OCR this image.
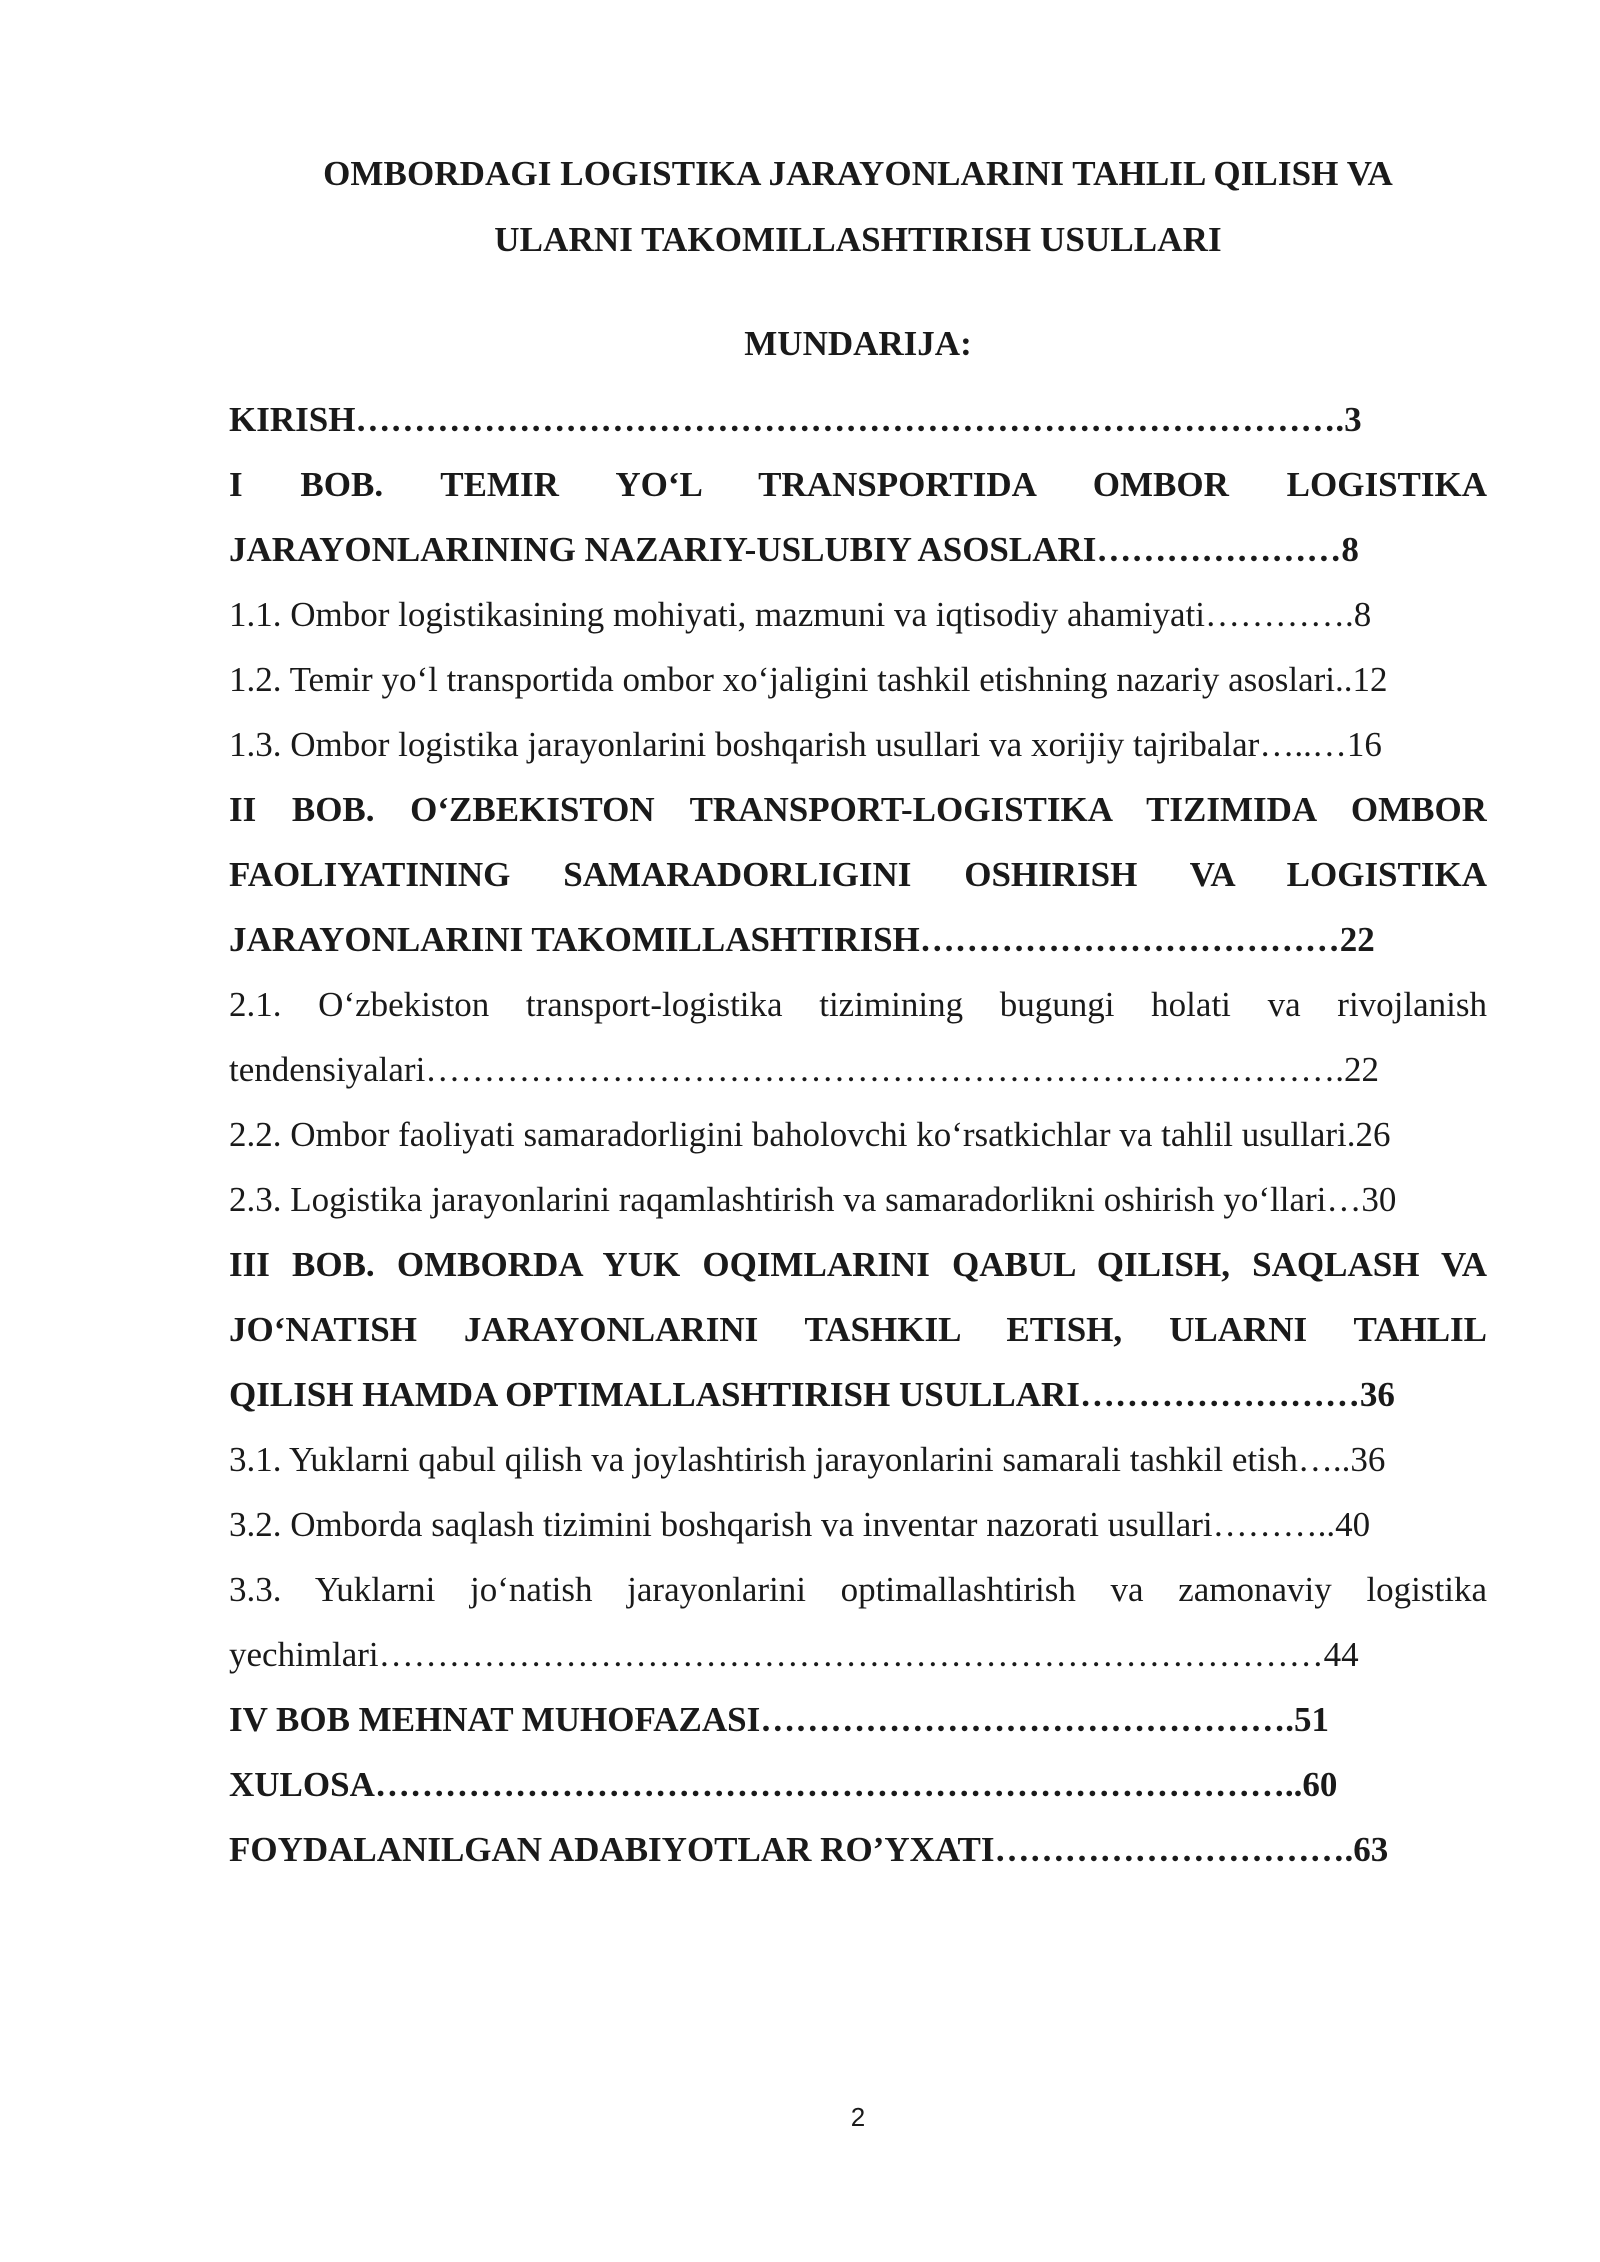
OMBORDAGI LOGISTIKA JARAYONLARINI TAHLIL QILISH VA
ULARNI TAKOMILLASHTIRISH USULLARI
MUNDARIJA:
KIRISH………………………………………………………………………….3
I BOB. TEMIR YO‘L TRANSPORTIDA OMBOR LOGISTIKA
JARAYONLARINING NAZARIY-USLUBIY ASOSLARI…………………8
1.1. Ombor logistikasining mohiyati, mazmuni va iqtisodiy ahamiyati………….8
1.2. Temir yo‘l transportida ombor xo‘jaligini tashkil etishning nazariy asoslari..12
1.3. Ombor logistika jarayonlarini boshqarish usullari va xorijiy tajribalar…..…16
II BOB. O‘ZBEKISTON TRANSPORT-LOGISTIKA TIZIMIDA OMBOR
FAOLIYATINING SAMARADORLIGINI OSHIRISH VA LOGISTIKA
JARAYONLARINI TAKOMILLASHTIRISH………………………………22
2.1. O‘zbekiston transport-logistika tizimining bugungi holati va rivojlanish
tendensiyalari…………………………………………………………………….22
2.2. Ombor faoliyati samaradorligini baholovchi ko‘rsatkichlar va tahlil usullari.26
2.3. Logistika jarayonlarini raqamlashtirish va samaradorlikni oshirish yo‘llari…30
III BOB. OMBORDA YUK OQIMLARINI QABUL QILISH, SAQLASH VA
JO‘NATISH JARAYONLARINI TASHKIL ETISH, ULARNI TAHLIL
QILISH HAMDA OPTIMALLASHTIRISH USULLARI……………………36
3.1. Yuklarni qabul qilish va joylashtirish jarayonlarini samarali tashkil etish…..36
3.2. Omborda saqlash tizimini boshqarish va inventar nazorati usullari………..40
3.3. Yuklarni jo‘natish jarayonlarini optimallashtirish va zamonaviy logistika
yechimlari………………………………………………………………………44
IV BOB MEHNAT MUHOFAZASI……………………………………….51
XULOSA……………………………………………………………………..60
FOYDALANILGAN ADABIYOTLAR RO’YXATI………………………….63
2
